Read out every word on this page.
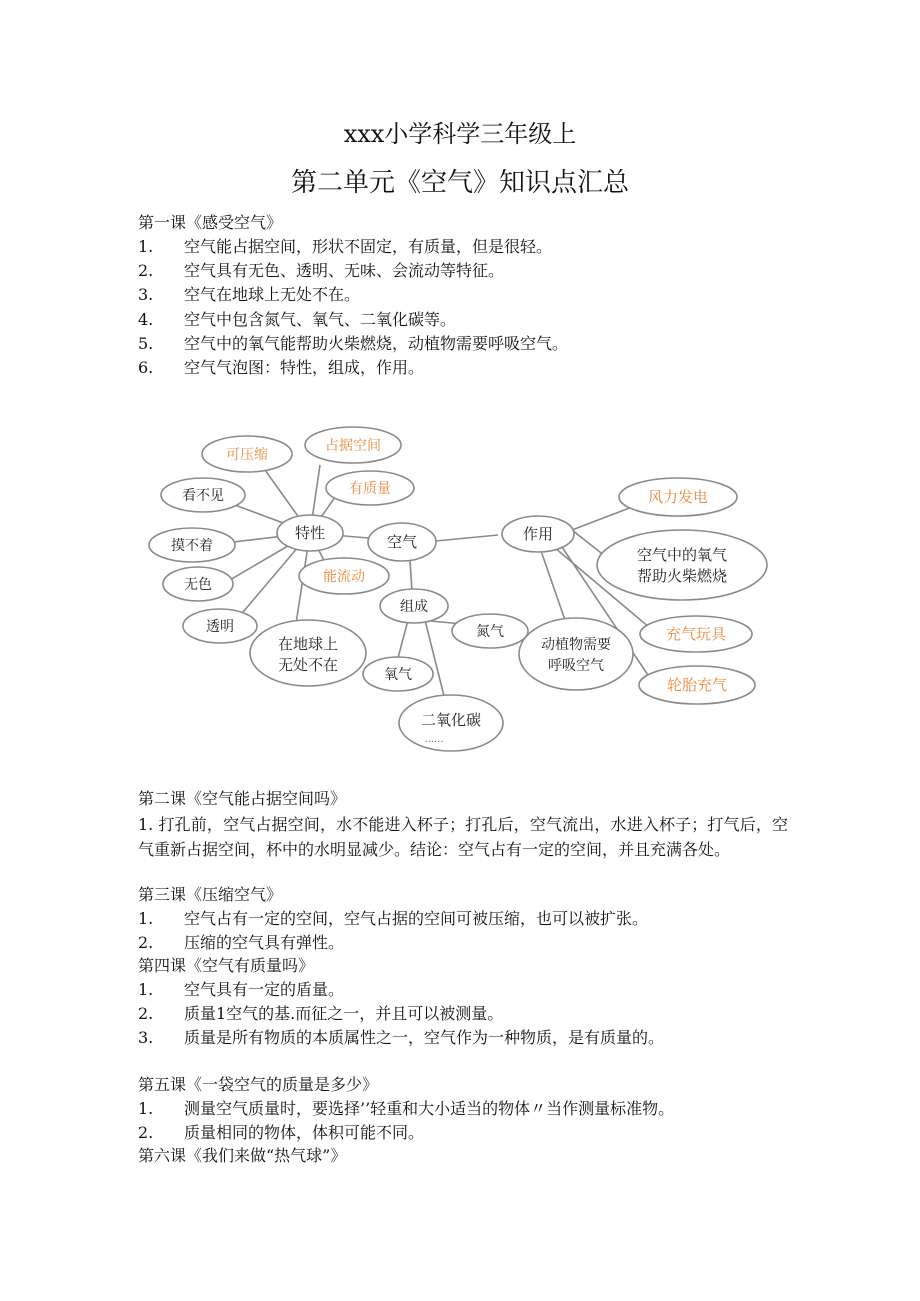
xxx小学科学三年级上
第二单元《空气》知识点汇总
第一课《感受空气》
1. 空气能占据空间，形状不固定，有质量，但是很轻。
2. 空气具有无色、透明、无味、会流动等特征。
3. 空气在地球上无处不在。
4. 空气中包含氮气、氧气、二氧化碳等。
5. 空气中的氧气能帮助火柴燃烧，动植物需要呼吸空气。
6. 空气气泡图：特性，组成，作用。
特性	空气	作用
组成
可压缩
占据空间
看不见	有质量
摸不着
无色	能流动
透明
在地球上
无处不在
氮气
氧气
二氧化碳
......
风力发电
空气中的氧气
帮助火柴燃烧
动植物需要
呼吸空气
充气玩具
轮胎充气
第二课《空气能占据空间吗》
1. 打孔前，空气占据空间，水不能进入杯子；打孔后，空气流出，水进入杯子；打气后，空气重新占据空间，杯中的水明显减少。结论：空气占有一定的空间，并且充满各处。
第三课《压缩空气》
1. 空气占有一定的空间，空气占据的空间可被压缩，也可以被扩张。
2. 压缩的空气具有弹性。
第四课《空气有质量吗》
1. 空气具有一定的盾量。
2. 质量1空气的基.而征之一，并且可以被测量。
3. 质量是所有物质的本质属性之一，空气作为一种物质，是有质量的。
第五课《一袋空气的质量是多少》
1. 测量空气质量时，要选择’’轻重和大小适当的物体〃当作测量标准物。
2. 质量相同的物体，体积可能不同。
第六课《我们来做“热气球”》
